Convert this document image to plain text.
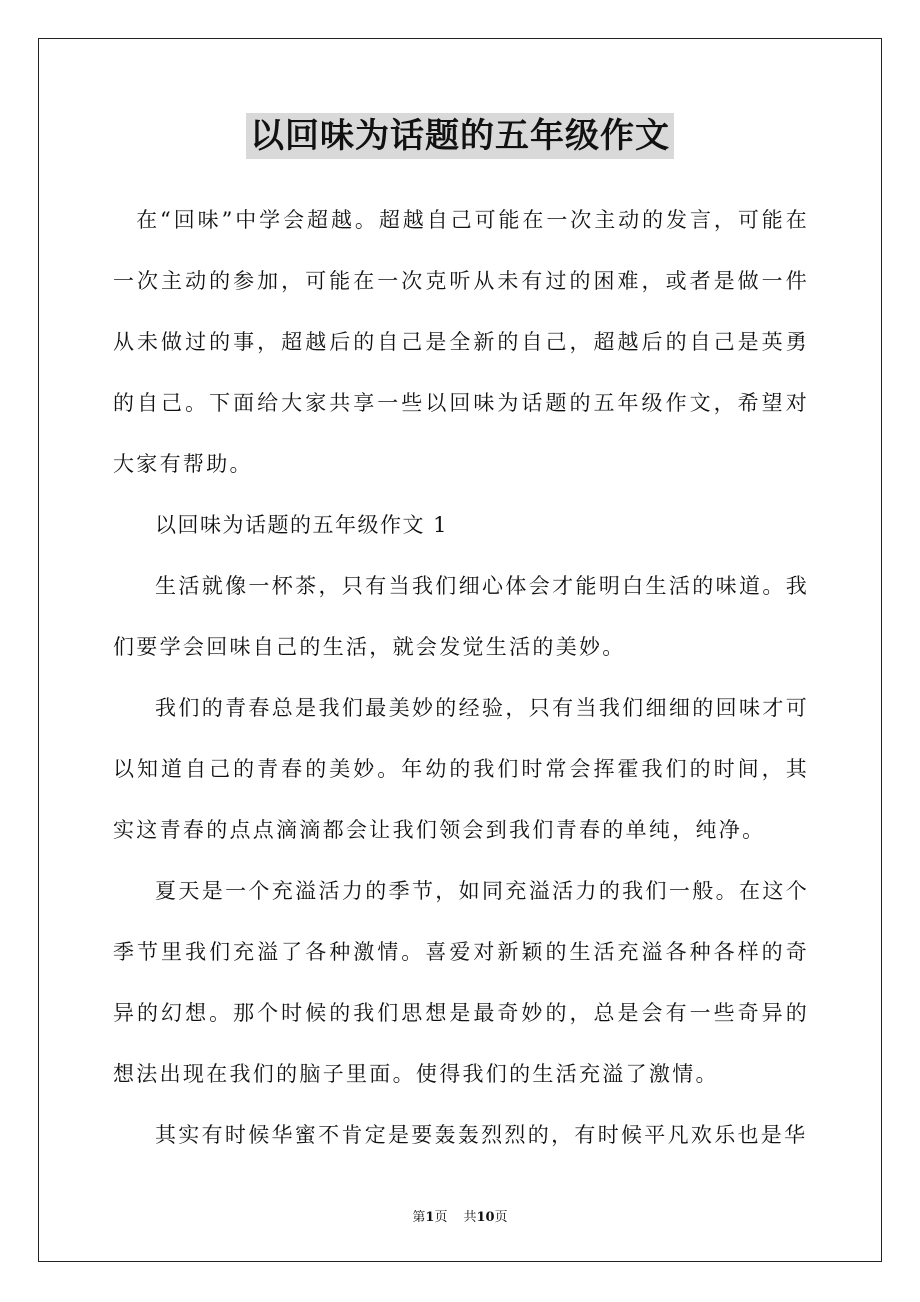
以回味为话题的五年级作文

在“回味”中学会超越。超越自己可能在一次主动的发言，可能在一次主动的参加，可能在一次克听从未有过的困难，或者是做一件从未做过的事，超越后的自己是全新的自己，超越后的自己是英勇的自己。下面给大家共享一些以回味为话题的五年级作文，希望对大家有帮助。

以回味为话题的五年级作文 1

生活就像一杯茶，只有当我们细心体会才能明白生活的味道。我们要学会回味自己的生活，就会发觉生活的美妙。

我们的青春总是我们最美妙的经验，只有当我们细细的回味才可以知道自己的青春的美妙。年幼的我们时常会挥霍我们的时间，其实这青春的点点滴滴都会让我们领会到我们青春的单纯，纯净。

夏天是一个充溢活力的季节，如同充溢活力的我们一般。在这个季节里我们充溢了各种激情。喜爱对新颖的生活充溢各种各样的奇异的幻想。那个时候的我们思想是最奇妙的，总是会有一些奇异的想法出现在我们的脑子里面。使得我们的生活充溢了激情。

其实有时候华蜜不肯定是要轰轰烈烈的，有时候平凡欢乐也是华

第1页 共10页
